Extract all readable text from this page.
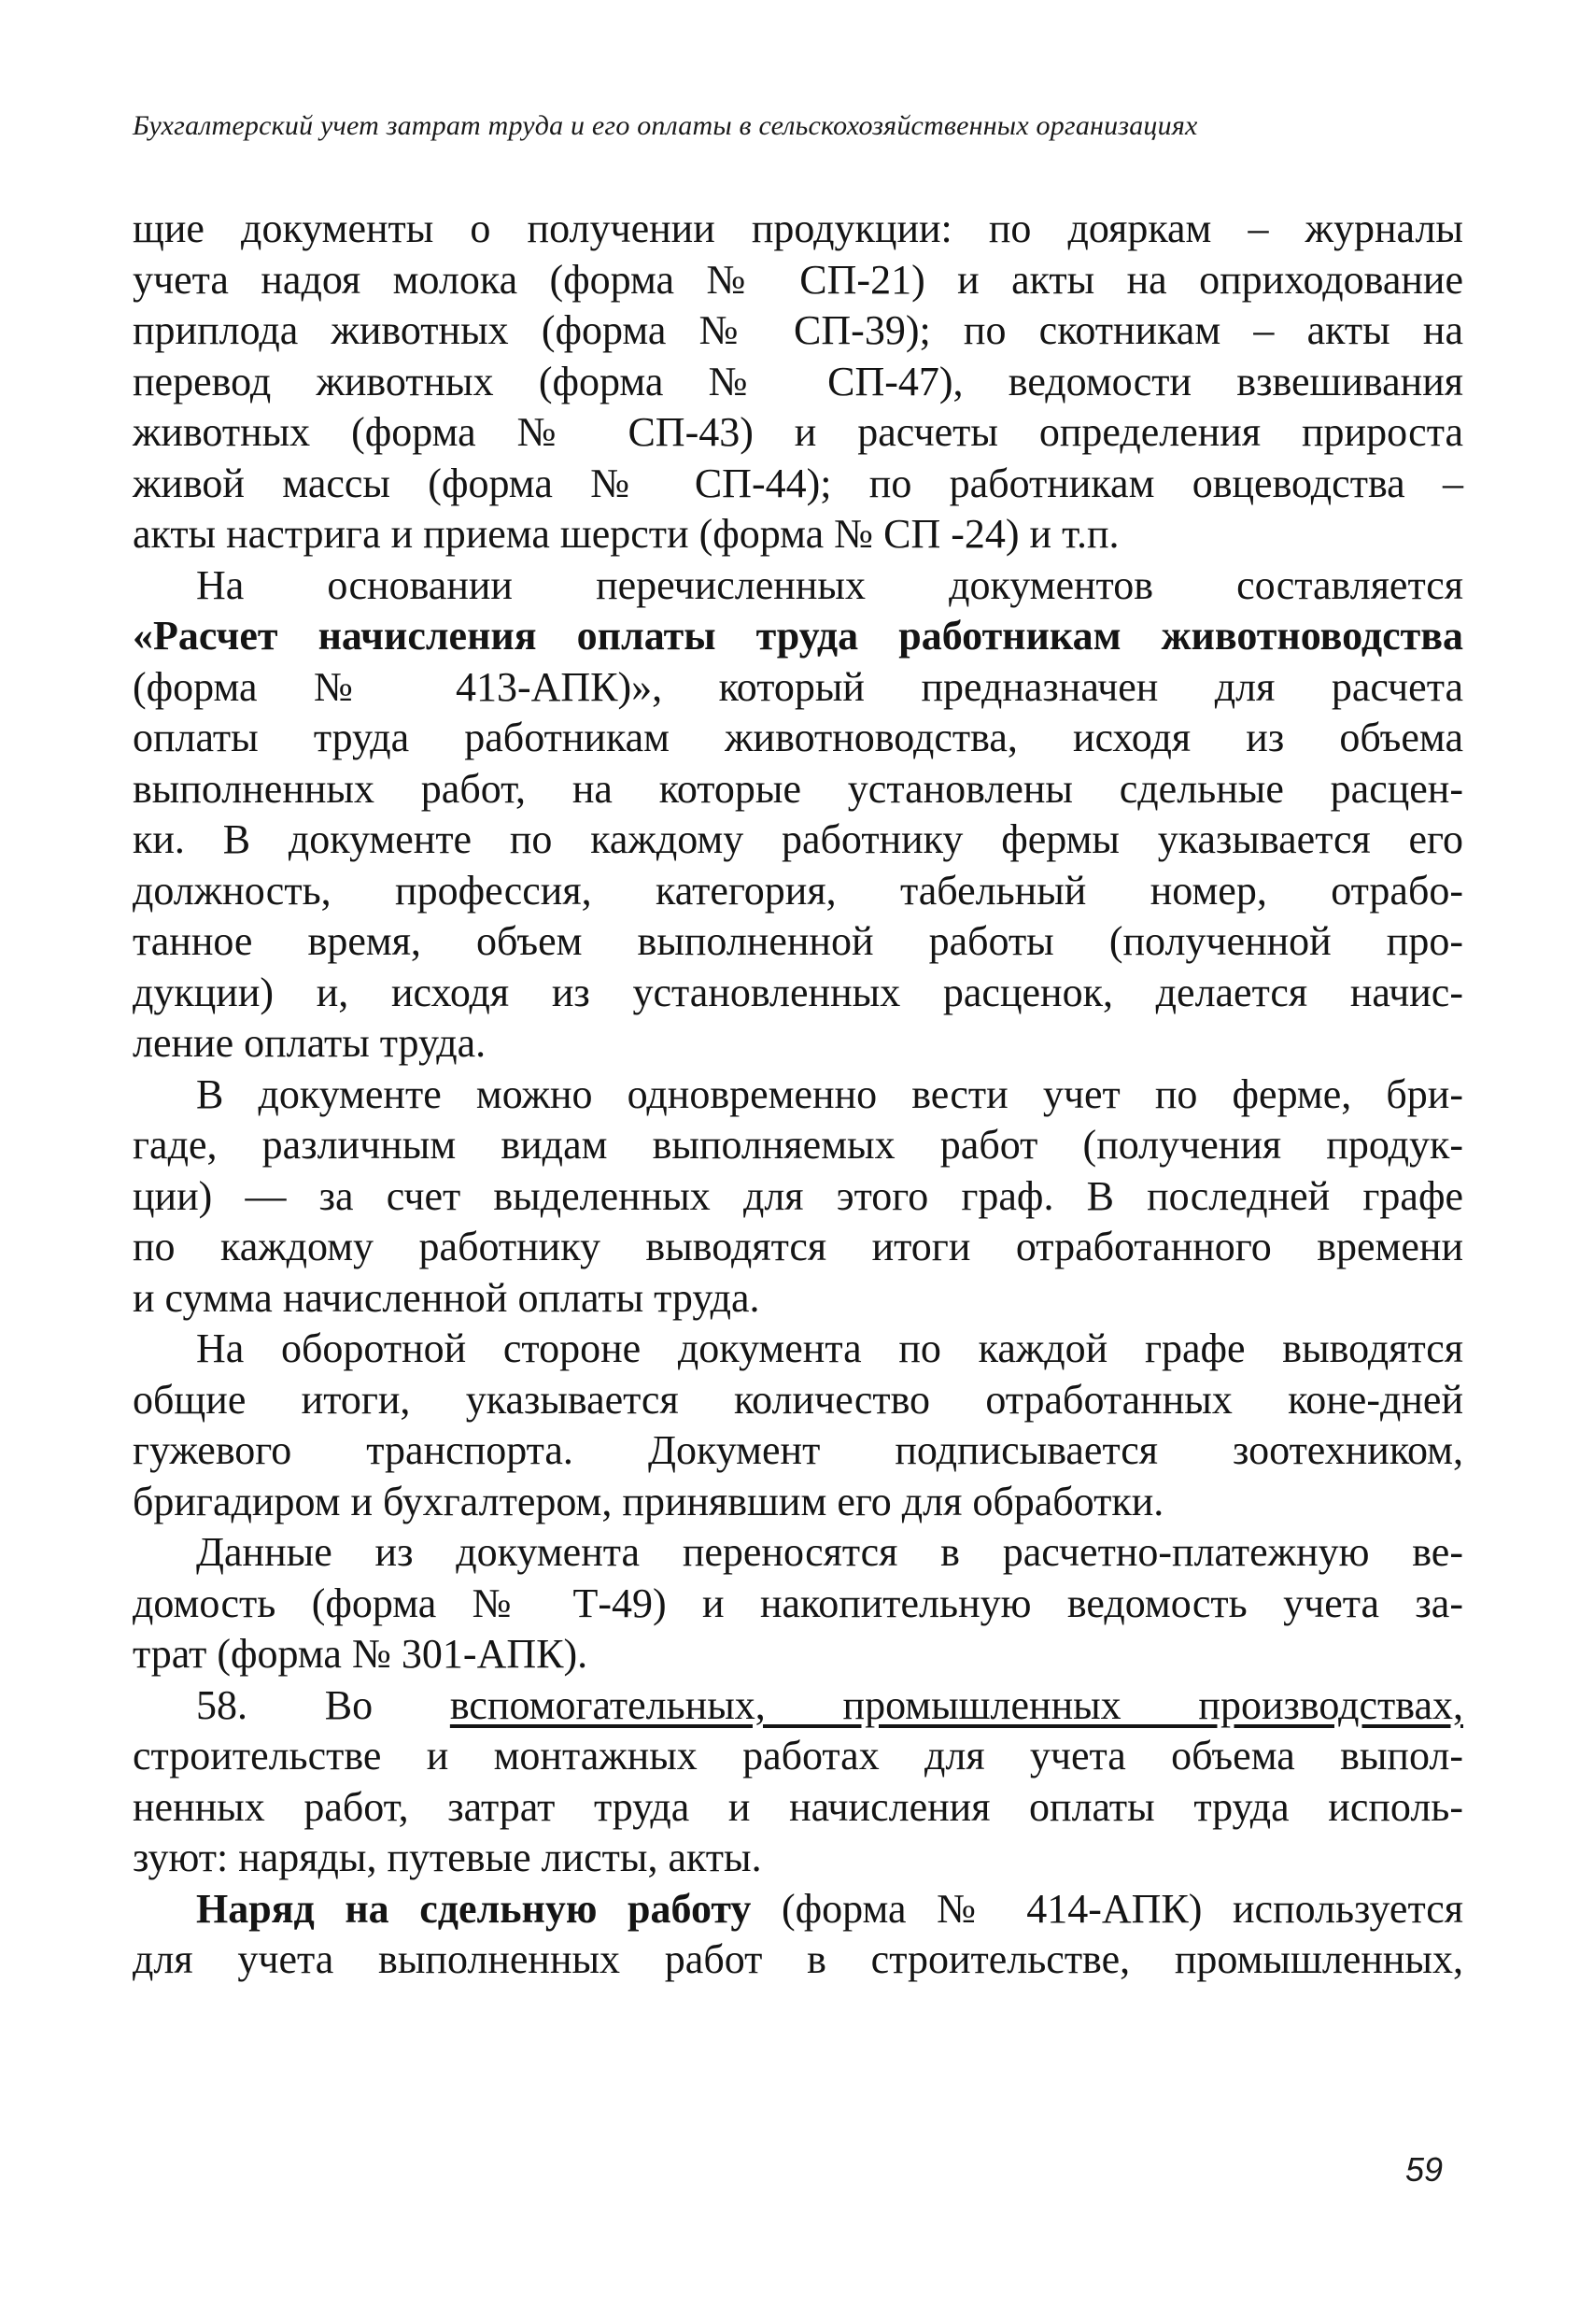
Бухгалтерский учет затрат труда и его оплаты в сельскохозяйственных организациях
щие документы о получении продукции: по дояркам – журналы
учета надоя молока (форма № СП-21) и акты на оприходование
приплода животных (форма № СП-39); по скотникам – акты на
перевод животных (форма № СП-47), ведомости взвешивания
животных (форма № СП-43) и расчеты определения прироста
живой массы (форма № СП-44); по работникам овцеводства –
акты настрига и приема шерсти (форма № СП -24) и т.п.
На основании перечисленных документов составляется
«Расчет начисления оплаты труда работникам животноводства
(форма № 413-АПК)», который предназначен для расчета
оплаты труда работникам животноводства, исходя из объема
выполненных работ, на которые установлены сдельные расцен-
ки. В документе по каждому работнику фермы указывается его
должность, профессия, категория, табельный номер, отрабо-
танное время, объем выполненной работы (полученной про-
дукции) и, исходя из установленных расценок, делается начис-
ление оплаты труда.
В документе можно одновременно вести учет по ферме, бри-
гаде, различным видам выполняемых работ (получения продук-
ции) — за счет выделенных для этого граф. В последней графе
по каждому работнику выводятся итоги отработанного времени
и сумма начисленной оплаты труда.
На оборотной стороне документа по каждой графе выводятся
общие итоги, указывается количество отработанных коне-дней
гужевого транспорта. Документ подписывается зоотехником,
бригадиром и бухгалтером, принявшим его для обработки.
Данные из документа переносятся в расчетно-платежную ве-
домость (форма № Т-49) и накопительную ведомость учета за-
трат (форма № 301-АПК).
58. Во вспомогательных, промышленных производствах,
строительстве и монтажных работах для учета объема выпол-
ненных работ, затрат труда и начисления оплаты труда исполь-
зуют: наряды, путевые листы, акты.
Наряд на сдельную работу (форма № 414-АПК) используется
для учета выполненных работ в строительстве, промышленных,
59
